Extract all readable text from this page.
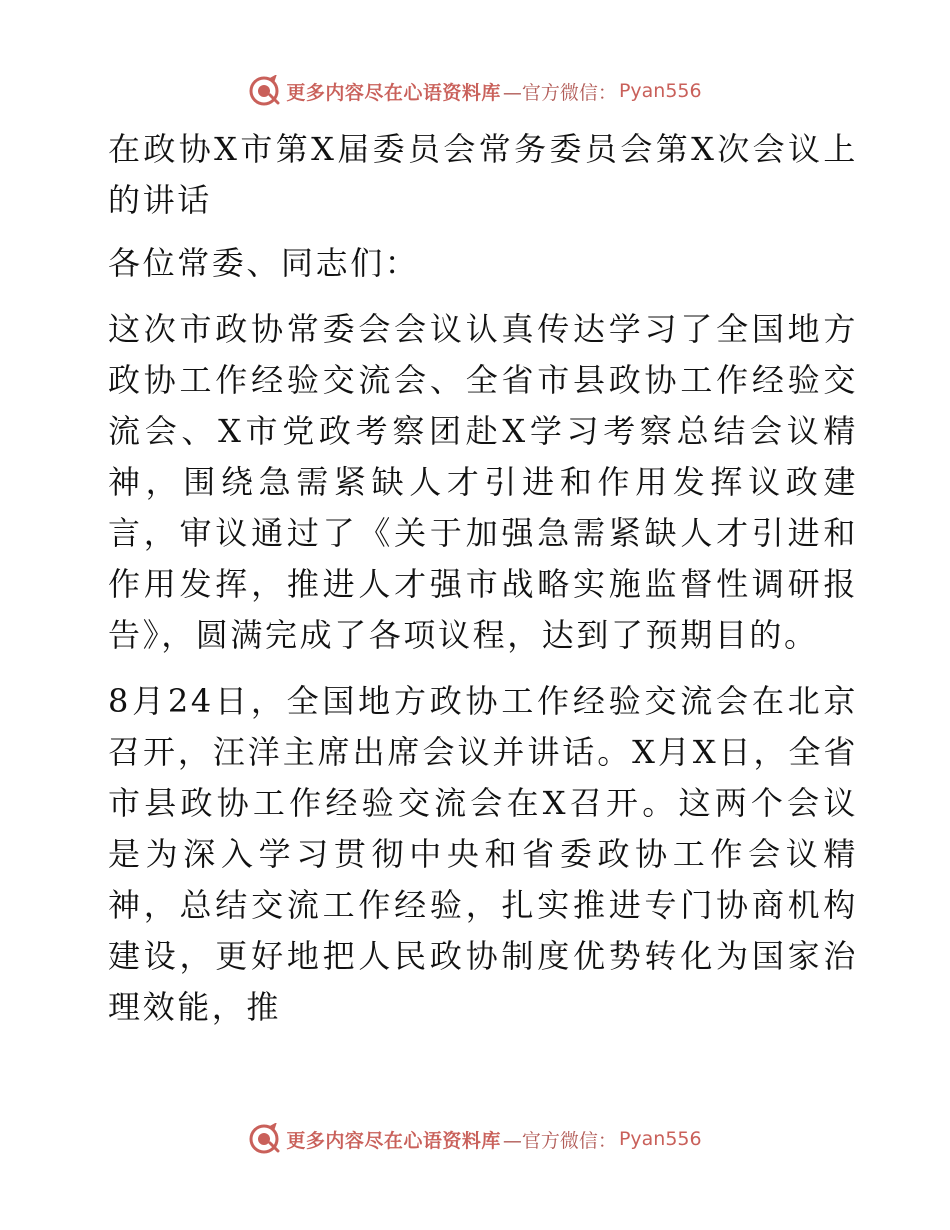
更多内容尽在心语资料库 —官方微信： Pyan556

在政协X市第X届委员会常务委员会第X次会议上的讲话

各位常委、同志们：

这次市政协常委会会议认真传达学习了全国地方政协工作经验交流会、全省市县政协工作经验交流会、X市党政考察团赴X学习考察总结会议精神，围绕急需紧缺人才引进和作用发挥议政建言，审议通过了《关于加强急需紧缺人才引进和作用发挥，推进人才强市战略实施监督性调研报告》，圆满完成了各项议程，达到了预期目的。

8月24日，全国地方政协工作经验交流会在北京召开，汪洋主席出席会议并讲话。X月X日，全省市县政协工作经验交流会在X召开。这两个会议是为深入学习贯彻中央和省委政协工作会议精神，总结交流工作经验，扎实推进专门协商机构建设，更好地把人民政协制度优势转化为国家治理效能，推

更多内容尽在心语资料库 —官方微信： Pyan556
